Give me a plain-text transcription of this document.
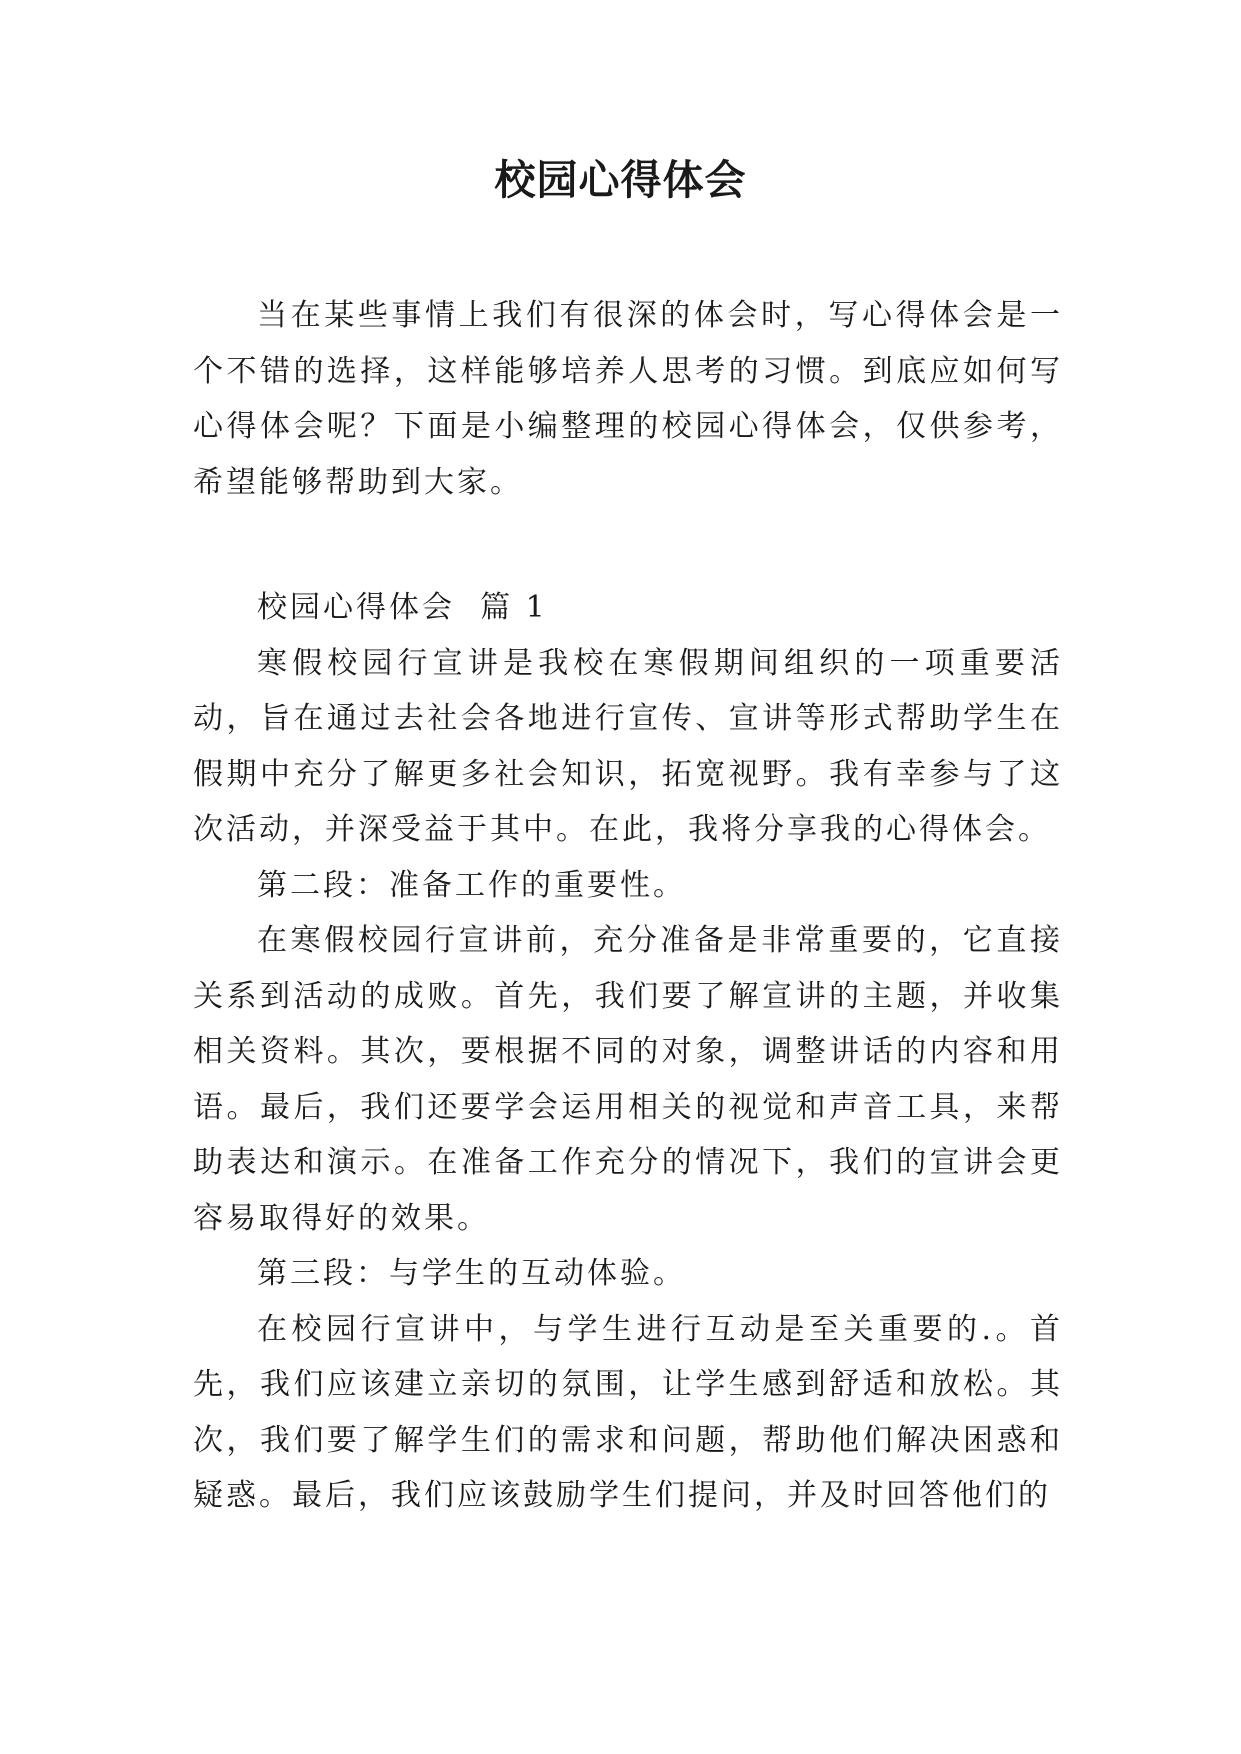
校园心得体会

当在某些事情上我们有很深的体会时，写心得体会是一个不错的选择，这样能够培养人思考的习惯。到底应如何写心得体会呢？下面是小编整理的校园心得体会，仅供参考，希望能够帮助到大家。

校园心得体会  篇 1

寒假校园行宣讲是我校在寒假期间组织的一项重要活动，旨在通过去社会各地进行宣传、宣讲等形式帮助学生在假期中充分了解更多社会知识，拓宽视野。我有幸参与了这次活动，并深受益于其中。在此，我将分享我的心得体会。

第二段：准备工作的重要性。

在寒假校园行宣讲前，充分准备是非常重要的，它直接关系到活动的成败。首先，我们要了解宣讲的主题，并收集相关资料。其次，要根据不同的对象，调整讲话的内容和用语。最后，我们还要学会运用相关的视觉和声音工具，来帮助表达和演示。在准备工作充分的情况下，我们的宣讲会更容易取得好的效果。

第三段：与学生的互动体验。

在校园行宣讲中，与学生进行互动是至关重要的.。首先，我们应该建立亲切的氛围，让学生感到舒适和放松。其次，我们要了解学生们的需求和问题，帮助他们解决困惑和疑惑。最后，我们应该鼓励学生们提问，并及时回答他们的
